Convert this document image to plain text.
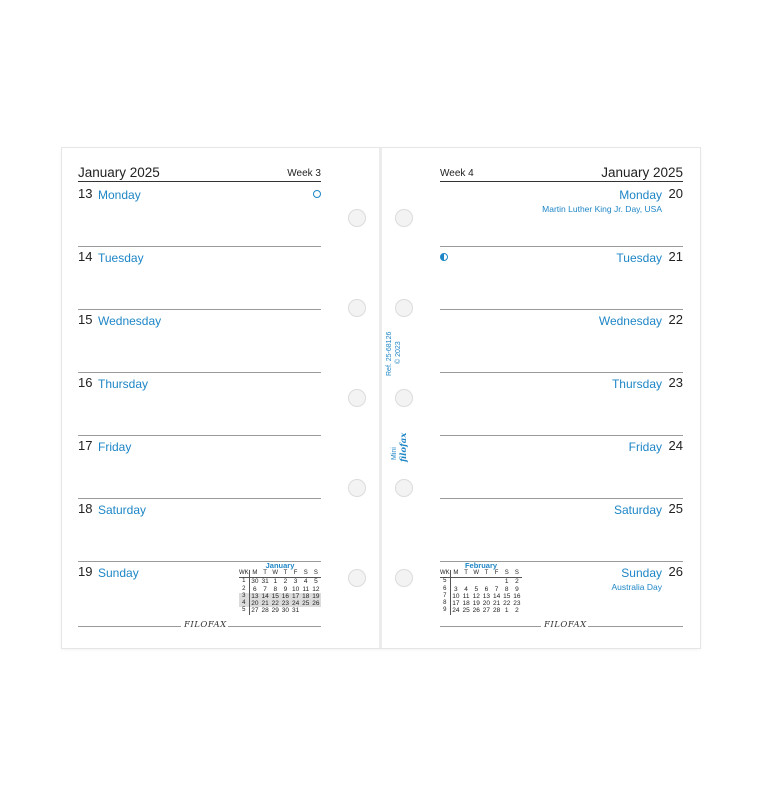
January 2025	Week 3
13 Monday
14 Tuesday
15 Wednesday
16 Thursday
17 Friday
18 Saturday
19 Sunday
January
WK	M	T	W	T	F	S	S
1	30	31	1	2	3	4	5
2	6	7	8	9	10	11	12
3	13	14	15	16	17	18	19
4	20	21	22	23	24	25	26
5	27	28	29	30	31		
FILOFAX
Week 4	January 2025
20
Monday
Martin Luther King Jr. Day, USA
21
Tuesday
22
Wednesday
23
Thursday
24
Friday
25
Saturday
26
Sunday
Australia Day
February
WK	M	T	W	T	F	S	S
5						1	2
6	3	4	5	6	7	8	9
7	10	11	12	13	14	15	16
8	17	18	19	20	21	22	23
9	24	25	26	27	28	1	2
FILOFAX
Ref. 25-68126 © 2023
Mini filofax
